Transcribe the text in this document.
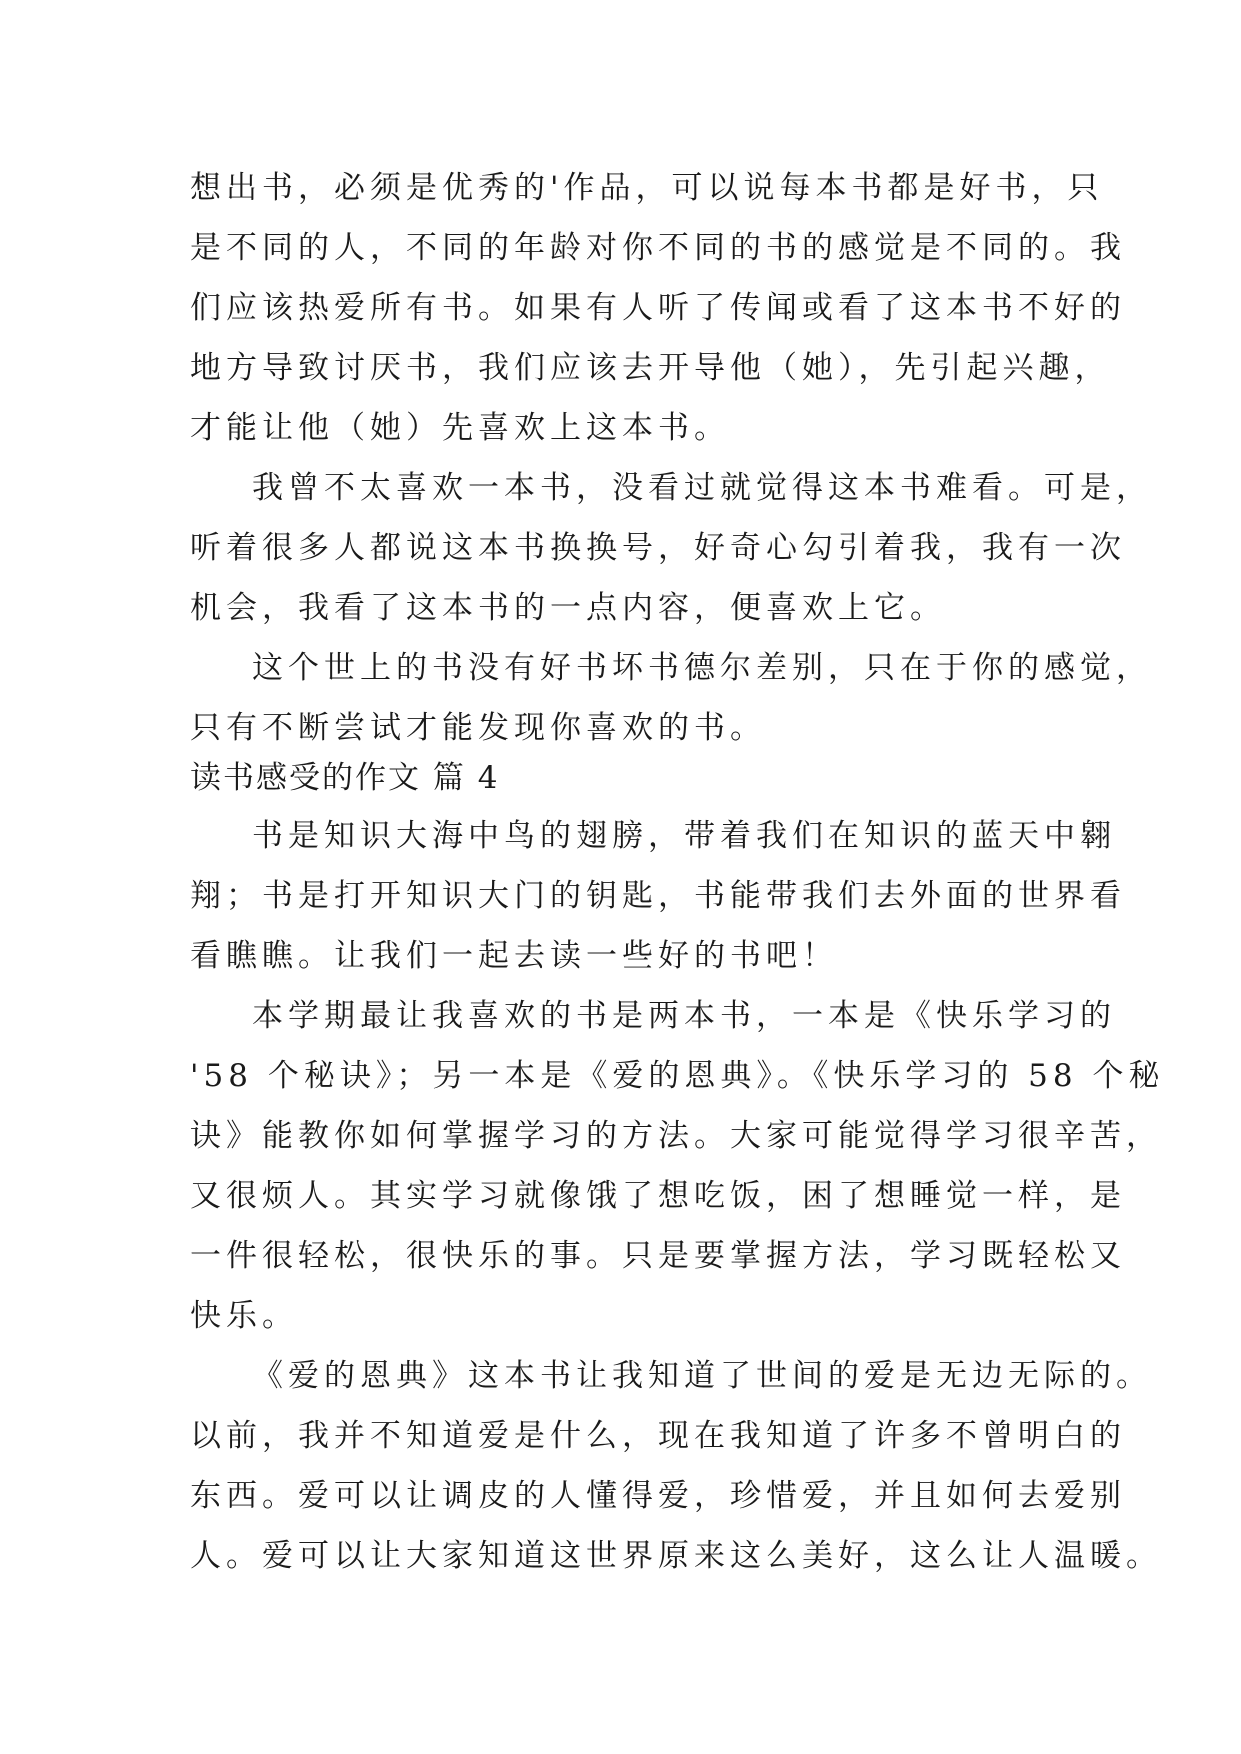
想出书，必须是优秀的'作品，可以说每本书都是好书，只
是不同的人，不同的年龄对你不同的书的感觉是不同的。我
们应该热爱所有书。如果有人听了传闻或看了这本书不好的
地方导致讨厌书，我们应该去开导他（她），先引起兴趣，
才能让他（她）先喜欢上这本书。
我曾不太喜欢一本书，没看过就觉得这本书难看。可是，
听着很多人都说这本书换换号，好奇心勾引着我，我有一次
机会，我看了这本书的一点内容，便喜欢上它。
这个世上的书没有好书坏书德尔差别，只在于你的感觉，
只有不断尝试才能发现你喜欢的书。
读书感受的作文 篇 4
书是知识大海中鸟的翅膀，带着我们在知识的蓝天中翱
翔；书是打开知识大门的钥匙，书能带我们去外面的世界看
看瞧瞧。让我们一起去读一些好的书吧！
本学期最让我喜欢的书是两本书，一本是《快乐学习的
'58 个秘诀》；另一本是《爱的恩典》。《快乐学习的 58 个秘
诀》能教你如何掌握学习的方法。大家可能觉得学习很辛苦，
又很烦人。其实学习就像饿了想吃饭，困了想睡觉一样，是
一件很轻松，很快乐的事。只是要掌握方法，学习既轻松又
快乐。
《爱的恩典》这本书让我知道了世间的爱是无边无际的。
以前，我并不知道爱是什么，现在我知道了许多不曾明白的
东西。爱可以让调皮的人懂得爱，珍惜爱，并且如何去爱别
人。爱可以让大家知道这世界原来这么美好，这么让人温暖。
